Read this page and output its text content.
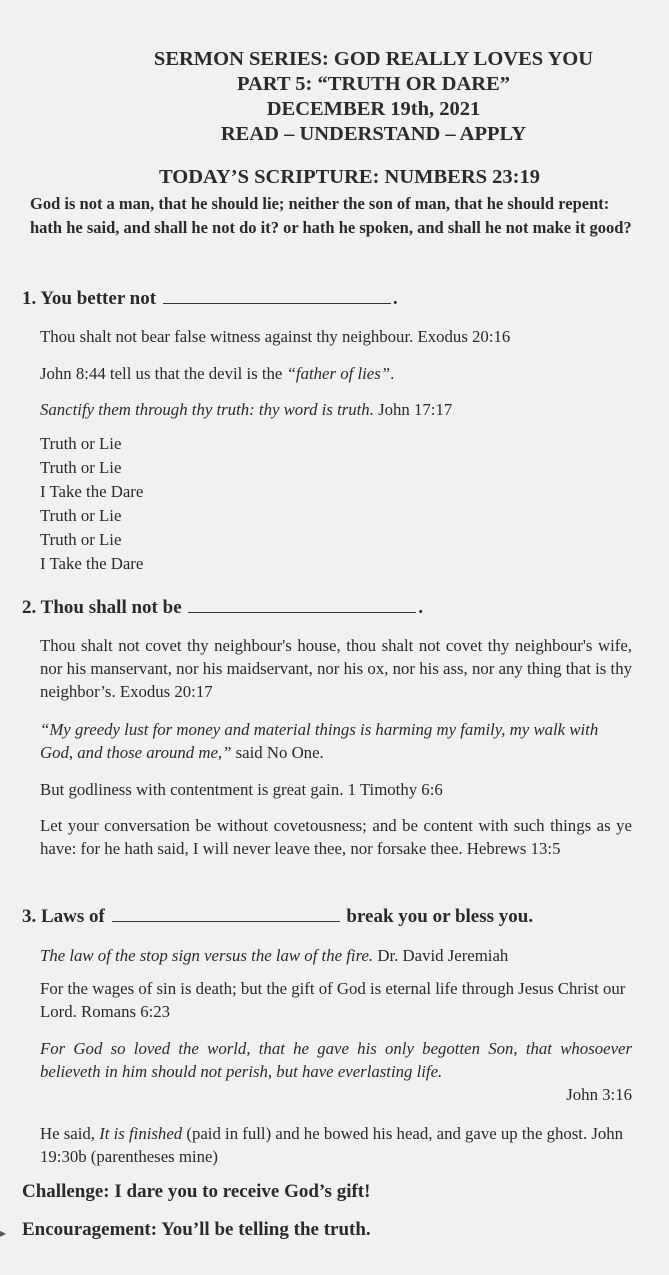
SERMON SERIES: GOD REALLY LOVES YOU
PART 5: “TRUTH OR DARE”
DECEMBER 19th, 2021
READ – UNDERSTAND – APPLY
TODAY’S SCRIPTURE: NUMBERS 23:19
God is not a man, that he should lie; neither the son of man, that he should repent: hath he said, and shall he not do it? or hath he spoken, and shall he not make it good?
1. You better not	.
Thou shalt not bear false witness against thy neighbour. Exodus 20:16
John 8:44 tell us that the devil is the “father of lies”.
Sanctify them through thy truth: thy word is truth. John 17:17
Truth or Lie
Truth or Lie
I Take the Dare
Truth or Lie
Truth or Lie
I Take the Dare
2. Thou shall not be	.
Thou shalt not covet thy neighbour's house, thou shalt not covet thy neighbour's wife, nor his manservant, nor his maidservant, nor his ox, nor his ass, nor any thing that is thy neighbor’s. Exodus 20:17
“My greedy lust for money and material things is harming my family, my walk with God, and those around me,” said No One.
But godliness with contentment is great gain. 1 Timothy 6:6
Let your conversation be without covetousness; and be content with such things as ye have: for he hath said, I will never leave thee, nor forsake thee. Hebrews 13:5
3. Laws of	break you or bless you.
The law of the stop sign versus the law of the fire. Dr. David Jeremiah
For the wages of sin is death; but the gift of God is eternal life through Jesus Christ our Lord. Romans 6:23
For God so loved the world, that he gave his only begotten Son, that whosoever believeth in him should not perish, but have everlasting life.
John 3:16
He said, It is finished (paid in full) and he bowed his head, and gave up the ghost. John 19:30b (parentheses mine)
Challenge: I dare you to receive God’s gift!
Encouragement: You’ll be telling the truth.
▸
